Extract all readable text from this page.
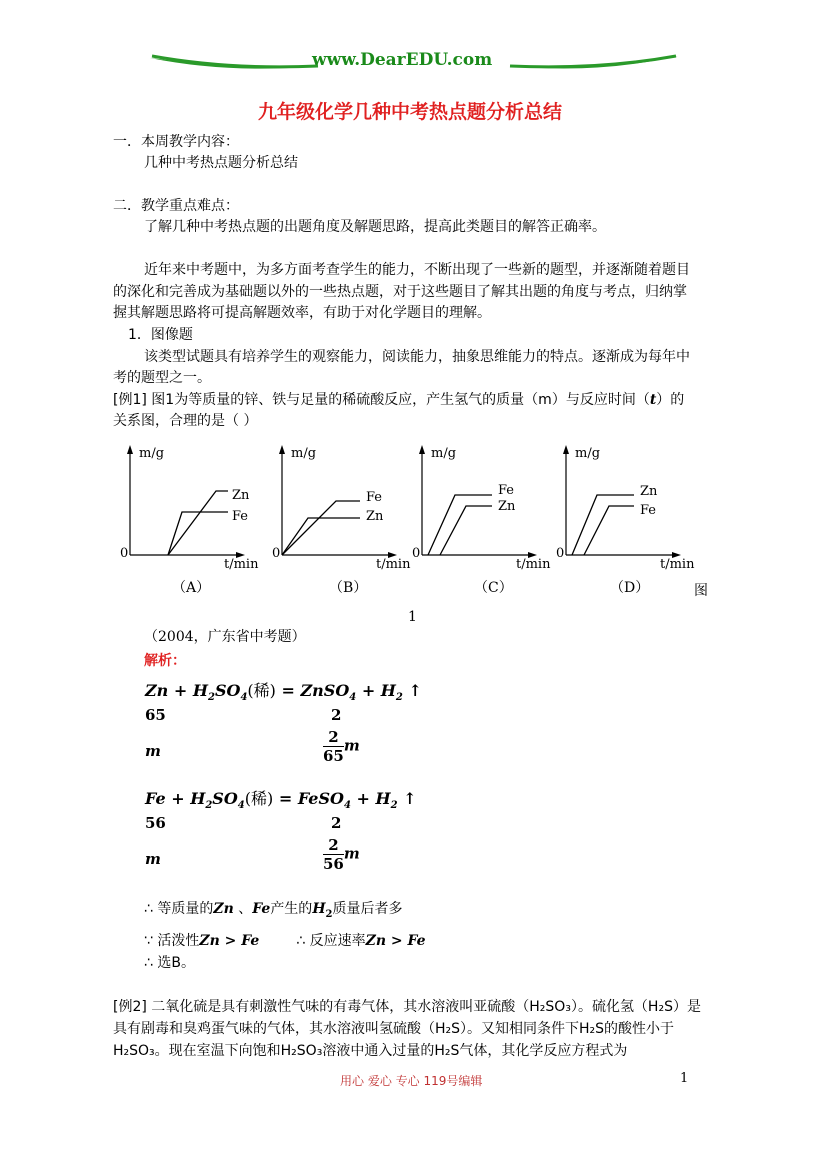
www.DearEDU.com
九年级化学几种中考热点题分析总结
一．本周教学内容：
几种中考热点题分析总结
二．教学重点难点：
了解几种中考热点题的出题角度及解题思路，提高此类题目的解答正确率。
近年来中考题中，为多方面考查学生的能力，不断出现了一些新的题型，并逐渐随着题目
的深化和完善成为基础题以外的一些热点题，对于这些题目了解其出题的角度与考点，归纳掌
握其解题思路将可提高解题效率，有助于对化学题目的理解。
1．图像题
该类型试题具有培养学生的观察能力，阅读能力，抽象思维能力的特点。逐渐成为每年中
考的题型之一。
[例1] 图1为等质量的锌、铁与足量的稀硫酸反应，产生氢气的质量（m）与反应时间（t）的
关系图，合理的是（ ）
m/g
0
t/min
Zn
Fe
（A）
m/g
0
t/min
Fe
Zn
（B）
m/g
0
t/min
Fe
Zn
（C）
m/g
0
t/min
Zn
Fe
（D）	图
1
（2004，广东省中考题）
解析：
$Zn + H_2SO_4$(稀) = ZnSO$_4$ + $H_2$ ↑
65	2
m	$\frac{2}{65}$ m
$Fe + H_2SO_4$(稀) = FeSO$_4$ + $H_2$ ↑
56	2
m	$\frac{2}{56}$ m
∴ 等质量的Zn 、Fe产生的$H_2$质量后者多
∵ 活泼性Zn > Fe	∴ 反应速率Zn > Fe
∴ 选B。
[例2] 二氧化硫是具有刺激性气味的有毒气体，其水溶液叫亚硫酸（H₂SO₃）。硫化氢（H₂S）是
具有剧毒和臭鸡蛋气味的气体，其水溶液叫氢硫酸（H₂S）。又知相同条件下H₂S的酸性小于
H₂SO₃。现在室温下向饱和H₂SO₃溶液中通入过量的H₂S气体，其化学反应方程式为
用心 爱心 专心 119号编辑	1
